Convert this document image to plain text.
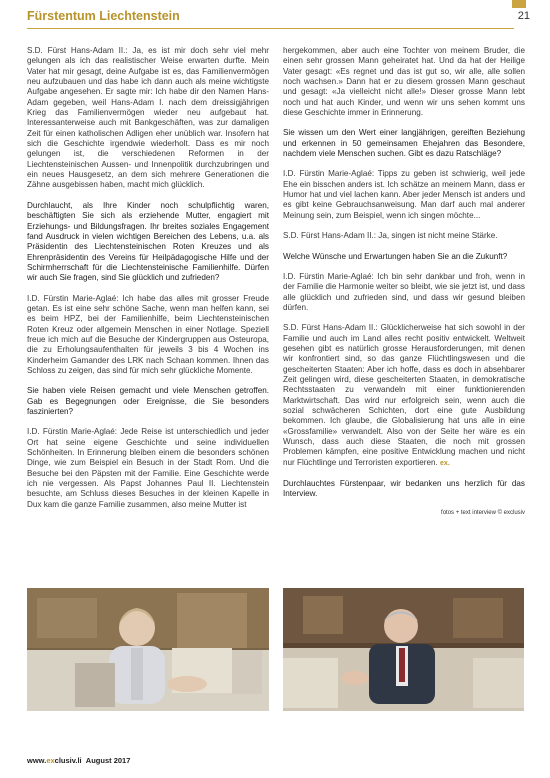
Fürstentum Liechtenstein	21

S.D. Fürst Hans-Adam II.: Ja, es ist mir doch sehr viel mehr gelungen als ich das realistischer Weise erwarten durfte. Mein Vater hat mir gesagt, deine Aufgabe ist es, das Familienvermögen neu aufzubauen und das habe ich dann auch als meine wichtigste Aufgabe angesehen. Er sagte mir: Ich habe dir den Namen Hans-Adam gegeben, weil Hans-Adam I. nach dem dreissigjährigen Krieg das Familienvermögen wieder neu aufgebaut hat. Interessanterweise auch mit Bankgeschäften, was zur damaligen Zeit für einen katholischen Adligen eher unüblich war. Insofern hat sich die Geschichte irgendwie wiederholt. Dass es mir noch gelungen ist, die verschiedenen Reformen in der Liechtensteinischen Aussen- und Innenpolitik durchzubringen und ein neues Hausgesetz, an dem sich mehrere Generationen die Zähne ausgebissen haben, macht mich glücklich.

Durchlaucht, als Ihre Kinder noch schulpflichtig waren, beschäftigten Sie sich als erziehende Mutter, engagiert mit Erziehungs- und Bildungsfragen. Ihr breites soziales Engagement fand Ausdruck in vielen wichtigen Bereichen des Lebens, u.a. als Präsidentin des Liechtensteinischen Roten Kreuzes und als Ehrenpräsidentin des Vereins für Heilpädagogische Hilfe und der Schirmherrschaft für die Liechtensteinische Familienhilfe. Dürfen wir auch Sie fragen, sind Sie glücklich und zufrieden?

I.D. Fürstin Marie-Aglaé: Ich habe das alles mit grosser Freude getan. Es ist eine sehr schöne Sache, wenn man helfen kann, sei es beim HPZ, bei der Familienhilfe, beim Liechtensteinischen Roten Kreuz oder allgemein Menschen in einer Notlage. Speziell freue ich mich auf die Besuche der Kindergruppen aus Osteuropa, die zu Erholungsaufenthalten für jeweils 3 bis 4 Wochen ins Kinderheim Gamander des LRK nach Schaan kommen. Ihnen das Schloss zu zeigen, das sind für mich sehr glückliche Momente.

Sie haben viele Reisen gemacht und viele Menschen getroffen. Gab es Begegnungen oder Ereignisse, die Sie besonders faszinierten?

I.D. Fürstin Marie-Aglaé: Jede Reise ist unterschiedlich und jeder Ort hat seine eigene Geschichte und seine individuellen Schönheiten. In Erinnerung bleiben einem die besonders schönen Dinge, wie zum Beispiel ein Besuch in der Stadt Rom. Und die Besuche bei den Päpsten mit der Familie. Eine Geschichte werde ich nie vergessen. Als Papst Johannes Paul II. Liechtenstein besuchte, am Schluss dieses Besuches in der kleinen Kapelle in Dux kam die ganze Familie zusammen, also meine Mutter ist

hergekommen, aber auch eine Tochter von meinem Bruder, die einen sehr grossen Mann geheiratet hat. Und da hat der Heilige Vater gesagt: «Es regnet und das ist gut so, wir alle, alle sollen noch wachsen.» Dann hat er zu diesem grossen Mann geschaut und gesagt: «Ja vielleicht nicht alle!» Dieser grosse Mann lebt noch und hat auch Kinder, und wenn wir uns sehen kommt uns diese Geschichte immer in Erinnerung.

Sie wissen um den Wert einer langjährigen, gereiften Beziehung und erkennen in 50 gemeinsamen Ehejahren das Besondere, nachdem viele Menschen suchen. Gibt es dazu Ratschläge?

I.D. Fürstin Marie-Aglaé: Tipps zu geben ist schwierig, weil jede Ehe ein bisschen anders ist. Ich schätze an meinem Mann, dass er Humor hat und viel lachen kann. Aber jeder Mensch ist anders und es gibt keine Gebrauchsanweisung. Man darf auch mal anderer Meinung sein, zum Beispiel, wenn ich singen möchte...

S.D. Fürst Hans-Adam II.: Ja, singen ist nicht meine Stärke.

Welche Wünsche und Erwartungen haben Sie an die Zukunft?

I.D. Fürstin Marie-Aglaé: Ich bin sehr dankbar und froh, wenn in der Familie die Harmonie weiter so bleibt, wie sie jetzt ist, und dass alle glücklich und zufrieden sind, und dass wir gesund bleiben dürfen.

S.D. Fürst Hans-Adam II.: Glücklicherweise hat sich sowohl in der Familie und auch im Land alles recht positiv entwickelt. Weltweit gesehen gibt es natürlich grosse Herausforderungen, mit denen wir konfrontiert sind, so das ganze Flüchtlingswesen und die gescheiterten Staaten: Aber ich hoffe, dass es doch in absehbarer Zeit gelingen wird, diese gescheiterten Staaten, in demokratische Rechtsstaaten zu verwandeln mit einer funktionierenden Marktwirtschaft. Das wird nur erfolgreich sein, wenn auch die sozial schwächeren Schichten, dort eine gute Ausbildung bekommen. Ich glaube, die Globalisierung hat uns alle in eine «Grossfamilie» verwandelt. Also von der Seite her wäre es ein Wunsch, dass auch diese Staaten, die noch mit grossen Problemen kämpfen, eine positive Entwicklung machen und nicht nur Flüchtlinge und Terroristen exportieren. ex.

Durchlauchtes Fürstenpaar, wir bedanken uns herzlich für das Interview.

fotos + text interview © exclusiv
www.exclusiv.li August 2017
